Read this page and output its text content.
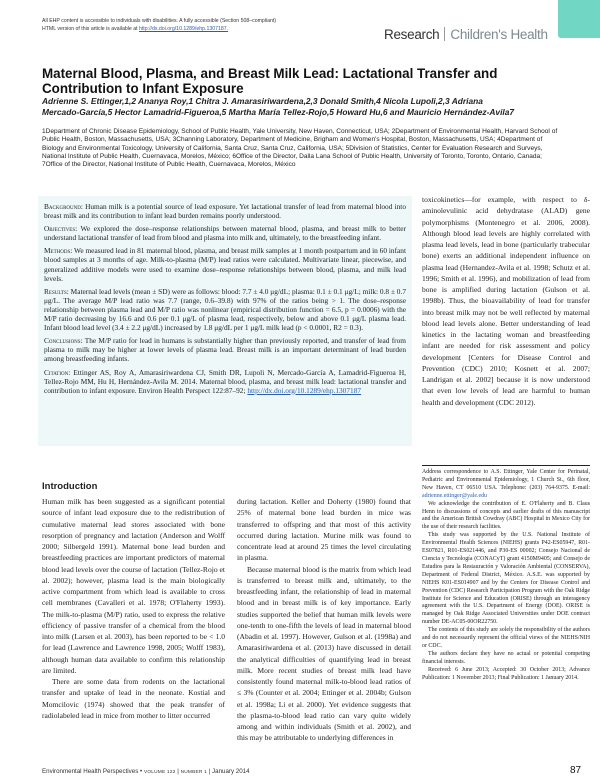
All EHP content is accessible to individuals with disabilities. A fully accessible (Section 508–compliant)
HTML version of this article is available at http://dx.doi.org/10.1289/ehp.1307187.	Research Children's Health
Maternal Blood, Plasma, and Breast Milk Lead: Lactational Transfer and Contribution to Infant Exposure
Adrienne S. Ettinger,1,2 Ananya Roy,1 Chitra J. Amarasiriwardena,2,3 Donald Smith,4 Nicola Lupoli,2,3 Adriana Mercado-García,5 Hector Lamadrid-Figueroa,5 Martha María Tellez-Rojo,5 Howard Hu,6 and Mauricio Hernández-Avila7
1Department of Chronic Disease Epidemiology, School of Public Health, Yale University, New Haven, Connecticut, USA; 2Department of Environmental Health, Harvard School of Public Health, Boston, Massachusetts, USA; 3Channing Laboratory, Department of Medicine, Brigham and Women's Hospital, Boston, Massachusetts, USA; 4Department of Biology and Environmental Toxicology, University of California, Santa Cruz, Santa Cruz, California, USA; 5Division of Statistics, Center for Evaluation Research and Surveys, National Institute of Public Health, Cuernavaca, Morelos, México; 6Office of the Director, Dalla Lana School of Public Health, University of Toronto, Toronto, Ontario, Canada; 7Office of the Director, National Institute of Public Health, Cuernavaca, Morelos, México

Background: Human milk is a potential source of lead exposure. Yet lactational transfer of lead from maternal blood into breast milk and its contribution to infant lead burden remains poorly understood.

Objectives: We explored the dose–response relationships between maternal blood, plasma, and breast milk to better understand lactational transfer of lead from blood and plasma into milk and, ultimately, to the breastfeeding infant.

Methods: We measured lead in 81 maternal blood, plasma, and breast milk samples at 1 month postpartum and in 60 infant blood samples at 3 months of age. Milk-to-plasma (M/P) lead ratios were calculated. Multivariate linear, piecewise, and generalized additive models were used to examine dose–response relationships between blood, plasma, and milk lead levels.

Results: Maternal lead levels (mean ± SD) were as follows: blood: 7.7 ± 4.0 μg/dL; plasma: 0.1 ± 0.1 μg/L; milk: 0.8 ± 0.7 μg/L. The average M/P lead ratio was 7.7 (range, 0.6–39.8) with 97% of the ratios being > 1. The dose–response relationship between plasma lead and M/P ratio was nonlinear (empirical distribution function = 6.5, p = 0.0006) with the M/P ratio decreasing by 16.6 and 0.6 per 0.1 μg/L of plasma lead, respectively, below and above 0.1 μg/L plasma lead. Infant blood lead level (3.4 ± 2.2 μg/dL) increased by 1.8 μg/dL per 1 μg/L milk lead (p < 0.0001, R2 = 0.3).

Conclusions: The M/P ratio for lead in humans is substantially higher than previously reported, and transfer of lead from plasma to milk may be higher at lower levels of plasma lead. Breast milk is an important determinant of lead burden among breastfeeding infants.

Citation: Ettinger AS, Roy A, Amarasiriwardena CJ, Smith DR, Lupoli N, Mercado-García A, Lamadrid-Figueroa H, Tellez-Rojo MM, Hu H, Hernández-Avila M. 2014. Maternal blood, plasma, and breast milk lead: lactational transfer and contribution to infant exposure. Environ Health Perspect 122:87–92; http://dx.doi.org/10.1289/ehp.1307187

Introduction

Human milk has been suggested as a significant potential source of infant lead exposure due to the redistribution of cumulative maternal lead stores associated with bone resorption of pregnancy and lactation (Anderson and Wolff 2000; Silbergeld 1991). Maternal bone lead burden and breastfeeding practices are important predictors of maternal blood lead levels over the course of lactation (Tellez-Rojo et al. 2002); however, plasma lead is the main biologically active compartment from which lead is available to cross cell membranes (Cavalleri et al. 1978; O'Flaherty 1993). The milk-to-plasma (M/P) ratio, used to express the relative efficiency of passive transfer of a chemical from the blood into milk (Larsen et al. 2003), has been reported to be < 1.0 for lead (Lawrence and Lawrence 1998, 2005; Wolff 1983), although human data available to confirm this relationship are limited.

There are some data from rodents on the lactational transfer and uptake of lead in the neonate. Kostial and Momcilovic (1974) showed that the peak transfer of radiolabeled lead in mice from mother to litter occurred

during lactation. Keller and Doherty (1980) found that 25% of maternal bone lead burden in mice was transferred to offspring and that most of this activity occurred during lactation. Murine milk was found to concentrate lead at around 25 times the level circulating in plasma.

Because maternal blood is the matrix from which lead is transferred to breast milk and, ultimately, to the breastfeeding infant, the relationship of lead in maternal blood and in breast milk is of key importance. Early studies supported the belief that human milk levels were one-tenth to one-fifth the levels of lead in maternal blood (Abadin et al. 1997). However, Gulson et al. (1998a) and Amarasiriwardena et al. (2013) have discussed in detail the analytical difficulties of quantifying lead in breast milk. More recent studies of breast milk lead have consistently found maternal milk-to-blood lead ratios of ≤ 3% (Counter et al. 2004; Ettinger et al. 2004b; Gulson et al. 1998a; Li et al. 2000). Yet evidence suggests that the plasma-to-blood lead ratio can vary quite widely among and within individuals (Smith et al. 2002), and this may be attributable to underlying differences in

toxicokinetics—for example, with respect to δ-aminolevulinic acid dehydratase (ALAD) gene polymorphisms (Montenegro et al. 2006, 2008). Although blood lead levels are highly correlated with plasma lead levels, lead in bone (particularly trabecular bone) exerts an additional independent influence on plasma lead (Hernandez-Avila et al. 1998; Schutz et al. 1996; Smith et al. 1996), and mobilization of lead from bone is amplified during lactation (Gulson et al. 1998b). Thus, the bioavailability of lead for transfer into breast milk may not be well reflected by maternal blood lead levels alone. Better understanding of lead kinetics in the lactating woman and breastfeeding infant are needed for risk assessment and policy development [Centers for Disease Control and Prevention (CDC) 2010; Kosnett et al. 2007; Landrigan et al. 2002] because it is now understood that even low levels of lead are harmful to human health and development (CDC 2012).

Address correspondence to A.S. Ettinger, Yale Center for Perinatal, Pediatric and Environmental Epidemiology, 1 Church St., 6th floor, New Haven, CT 06510 USA. Telephone: (203) 764-9375. E-mail: adrienne.ettinger@yale.edu

We acknowledge the contribution of E. O'Flaherty and B. Claus Henn to discussions of concepts and earlier drafts of this manuscript and the American British Cowdray (ABC) Hospital in Mexico City for the use of their research facilities.

This study was supported by the U.S. National Institute of Environmental Health Sciences (NIEHS) grants P42-ES05947, R01-ES07821, R01-ES021446, and P30-ES 00002; Consejo Nacional de Ciencia y Tecnología (CONACyT) grant 4150M9405; and Consejo de Estudios para la Restauración y Valoración Ambiental (CONSERVA), Department of Federal District, México. A.S.E. was supported by NIEHS K01-ES014907 and by the Centers for Disease Control and Prevention (CDC) Research Participation Program with the Oak Ridge Institute for Science and Education (ORISE) through an interagency agreement with the U.S. Department of Energy (DOE). ORISE is managed by Oak Ridge Associated Universities under DOE contract number DE-AC05-00OR22750.

The contents of this study are solely the responsibility of the authors and do not necessarily represent the official views of the NIEHS/NIH or CDC.

The authors declare they have no actual or potential competing financial interests.

Received: 6 June 2013; Accepted: 30 October 2013; Advance Publication: 1 November 2013; Final Publication: 1 January 2014.

Environmental Health Perspectives • VOLUME 122 | NUMBER 1 | January 2014	87
